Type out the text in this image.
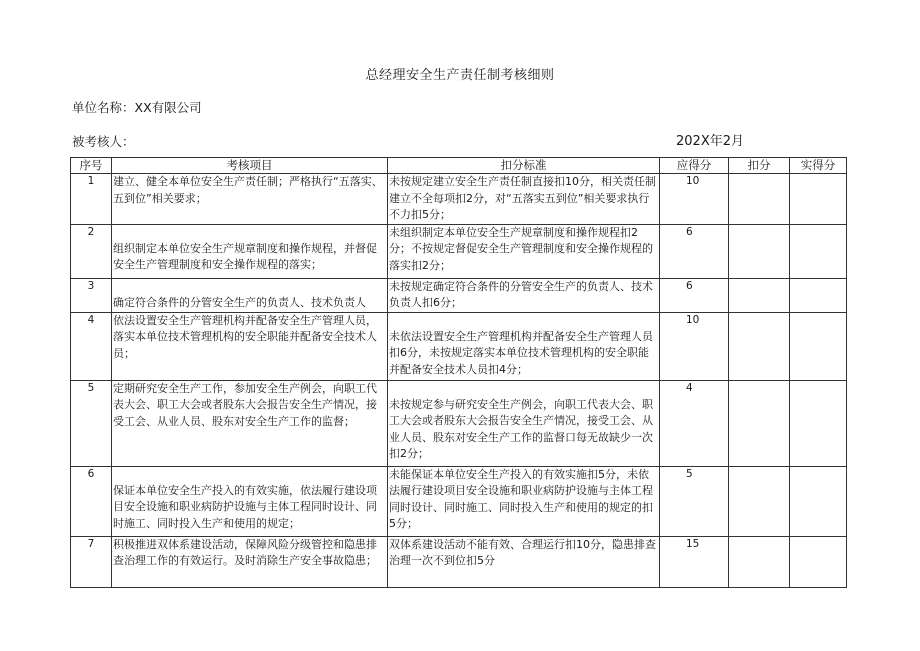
总经理安全生产责任制考核细则
单位名称：XX有限公司
被考核人：	202X年2月
序号	考核项目	扣分标准	应得分	扣分	实得分
1	建立、健全本单位安全生产责任制；严格执行“五落实、五到位”相关要求；	未按规定建立安全生产责任制直接扣10分，相关责任制建立不全每项扣2分，对“五落实五到位”相关要求执行不力扣5分；	10		
2	组织制定本单位安全生产规章制度和操作规程，并督促安全生产管理制度和安全操作规程的落实；	未组织制定本单位安全生产规章制度和操作规程扣2分；不按规定督促安全生产管理制度和安全操作规程的落实扣2分；	6		
3	确定符合条件的分管安全生产的负责人、技术负责人	未按规定确定符合条件的分管安全生产的负责人、技术负责人扣6分；	6		
4	依法设置安全生产管理机构并配备安全生产管理人员，落实本单位技术管理机构的安全职能并配备安全技术人员；	未依法设置安全生产管理机构并配备安全生产管理人员扣6分，未按规定落实本单位技术管理机构的安全职能并配备安全技术人员扣4分；	10		
5	定期研究安全生产工作，参加安全生产例会，向职工代表大会、职工大会或者股东大会报告安全生产情况，接受工会、从业人员、股东对安全生产工作的监督；	未按规定参与研究安全生产例会，向职工代表大会、职工大会或者股东大会报告安全生产情况，接受工会、从业人员、股东对安全生产工作的监督口每无故缺少一次扣2分；	4		
6	保证本单位安全生产投入的有效实施，依法履行建设项目安全设施和职业病防护设施与主体工程同时设计、同时施工、同时投入生产和使用的规定；	未能保证本单位安全生产投入的有效实施扣5分，未依法履行建设项目安全设施和职业病防护设施与主体工程同时设计、同时施工、同时投入生产和使用的规定的扣5分；	5		
7	积极推进双体系建设活动，保障风险分级管控和隐患排查治理工作的有效运行。及时消除生产安全事故隐患；	双体系建设活动不能有效、合理运行扣10分，隐患排查治理一次不到位扣5分	15		
